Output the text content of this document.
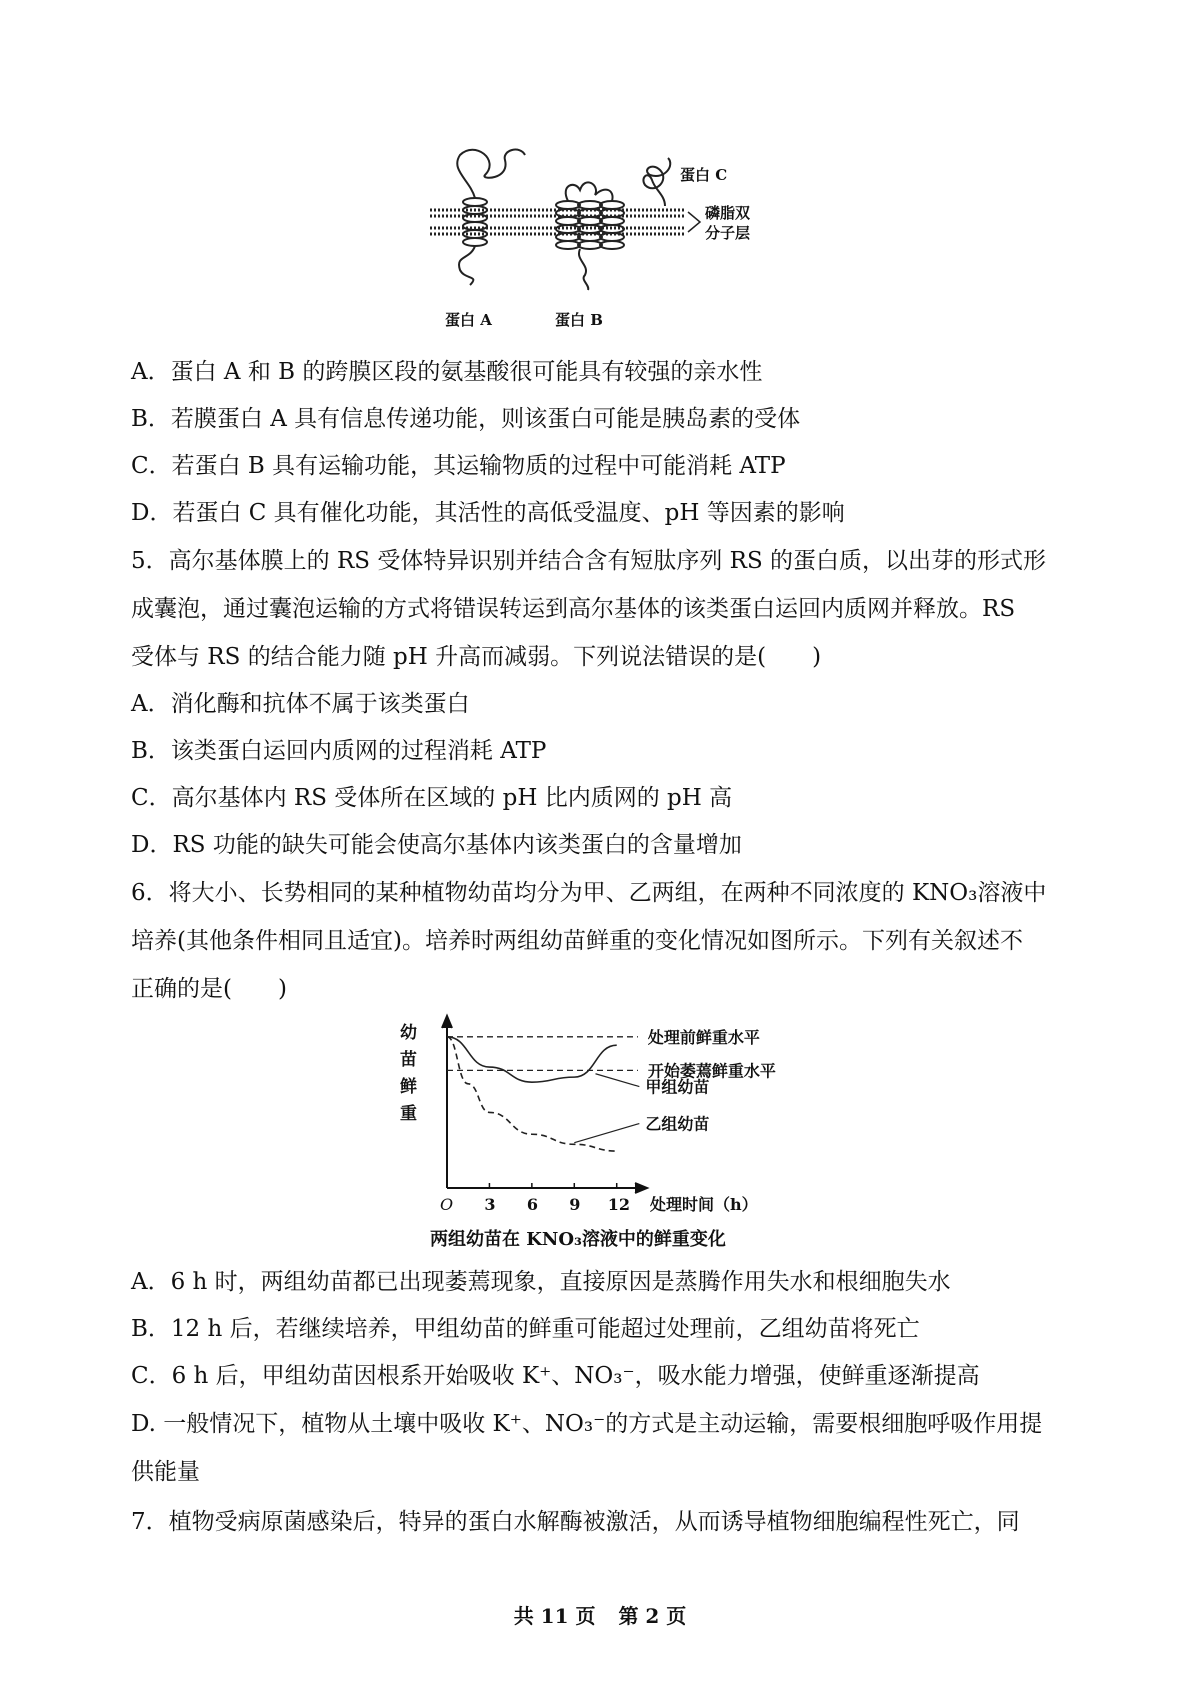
蛋白 C
磷脂双
分子层
蛋白 A	蛋白 B
A．蛋白 A 和 B 的跨膜区段的氨基酸很可能具有较强的亲水性
B．若膜蛋白 A 具有信息传递功能，则该蛋白可能是胰岛素的受体
C．若蛋白 B 具有运输功能，其运输物质的过程中可能消耗 ATP
D．若蛋白 C 具有催化功能，其活性的高低受温度、pH 等因素的影响
5．高尔基体膜上的 RS 受体特异识别并结合含有短肽序列 RS 的蛋白质，以出芽的形式形
成囊泡，通过囊泡运输的方式将错误转运到高尔基体的该类蛋白运回内质网并释放。RS
受体与 RS 的结合能力随 pH 升高而减弱。下列说法错误的是(　　)
A．消化酶和抗体不属于该类蛋白
B．该类蛋白运回内质网的过程消耗 ATP
C．高尔基体内 RS 受体所在区域的 pH 比内质网的 pH 高
D．RS 功能的缺失可能会使高尔基体内该类蛋白的含量增加
6．将大小、长势相同的某种植物幼苗均分为甲、乙两组，在两种不同浓度的 KNO₃溶液中
培养(其他条件相同且适宜)。培养时两组幼苗鲜重的变化情况如图所示。下列有关叙述不
正确的是(　　)
幼
苗
鲜
重
O 3 6 9 12 处理时间（h）
处理前鲜重水平
开始萎蔫鲜重水平
甲组幼苗
乙组幼苗
两组幼苗在 KNO₃溶液中的鲜重变化
A．6 h 时，两组幼苗都已出现萎蔫现象，直接原因是蒸腾作用失水和根细胞失水
B．12 h 后，若继续培养，甲组幼苗的鲜重可能超过处理前，乙组幼苗将死亡
C．6 h 后，甲组幼苗因根系开始吸收 K⁺、NO₃⁻，吸水能力增强，使鲜重逐渐提高
D. 一般情况下，植物从土壤中吸收 K⁺、NO₃⁻的方式是主动运输，需要根细胞呼吸作用提
供能量
7．植物受病原菌感染后，特异的蛋白水解酶被激活，从而诱导植物细胞编程性死亡，同
共 11 页 第 2 页
